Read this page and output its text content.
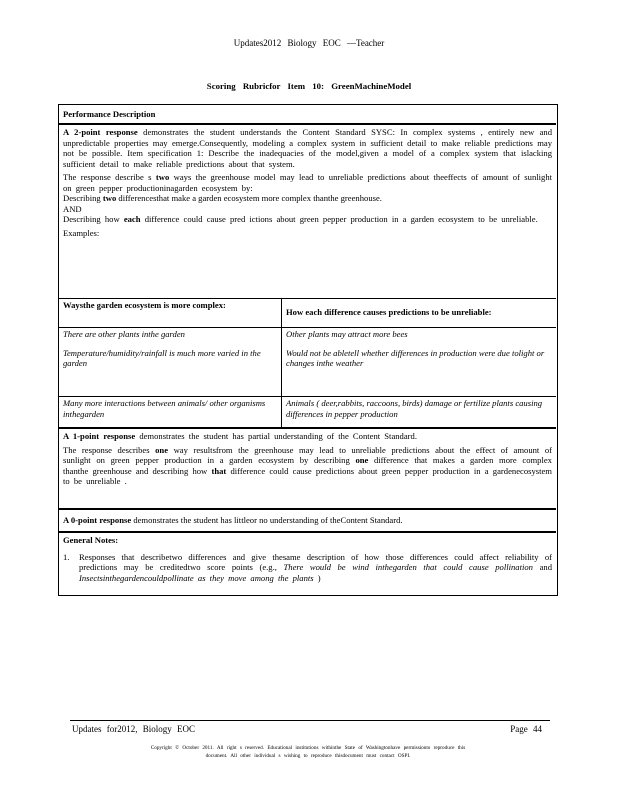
Updates2012 Biology EOC —Teacher
Scoring Rubricfor Item 10: GreenMachineModel
Performance Description

A 2-point response demonstrates the student understands the Content Standard SYSC: In complex systems , entirely new and unpredictable properties may emerge.Consequently, modeling a complex system in sufficient detail to make reliable predictions may not be possible. Item specification 1: Describe the inadequacies of the model,given a model of a complex system that islacking sufficient detail to make reliable predictions about that system.

The response describe s two ways the greenhouse model may lead to unreliable predictions about theeffects of amount of sunlight on green pepper productioninagarden ecosystem by:

Describing two differencesthat make a garden ecosystem more complex thanthe greenhouse.

AND

Describing how each difference could cause pred ictions about green pepper production in a garden ecosystem to be unreliable.

Examples:

Waysthe garden ecosystem is more complex:
How each difference causes predictions to be unreliable:

There are other plants inthe garden

Temperature/humidity/rainfall is much more varied in the garden

Other plants may attract more bees

Would not be abletell whether differences in production were due tolight or changes inthe weather

Many more interactions between animals/ other organisms inthegarden

Animals ( deer,rabbits, raccoons, birds) damage or fertilize plants causing differences in pepper production

A 1-point response demonstrates the student has partial understanding of the Content Standard.

The response describes one way resultsfrom the greenhouse may lead to unreliable predictions about the effect of amount of sunlight on green pepper production in a garden ecosystem by describing one difference that makes a garden more complex thanthe greenhouse and describing how that difference could cause predictions about green pepper production in a gardenecosystem to be unreliable .

A 0-point response demonstrates the student has littleor no understanding of theContent Standard.

General Notes:

1.	Responses that describetwo differences and give thesame description of how those differences could affect reliability of predictions may be creditedtwo score points (e.g., There would be wind inthegarden that could cause pollination and Insectsinthegardencouldpollinate as they move among the plants )

Updates for2012, Biology EOC	Page 44
Copyright © October 2011. All right s reserved. Educational institutions withinthe State of Washingtonhave permissionto reproduce this
document. All other individual s wishing to reproduce thisdocument must contact OSPI.
